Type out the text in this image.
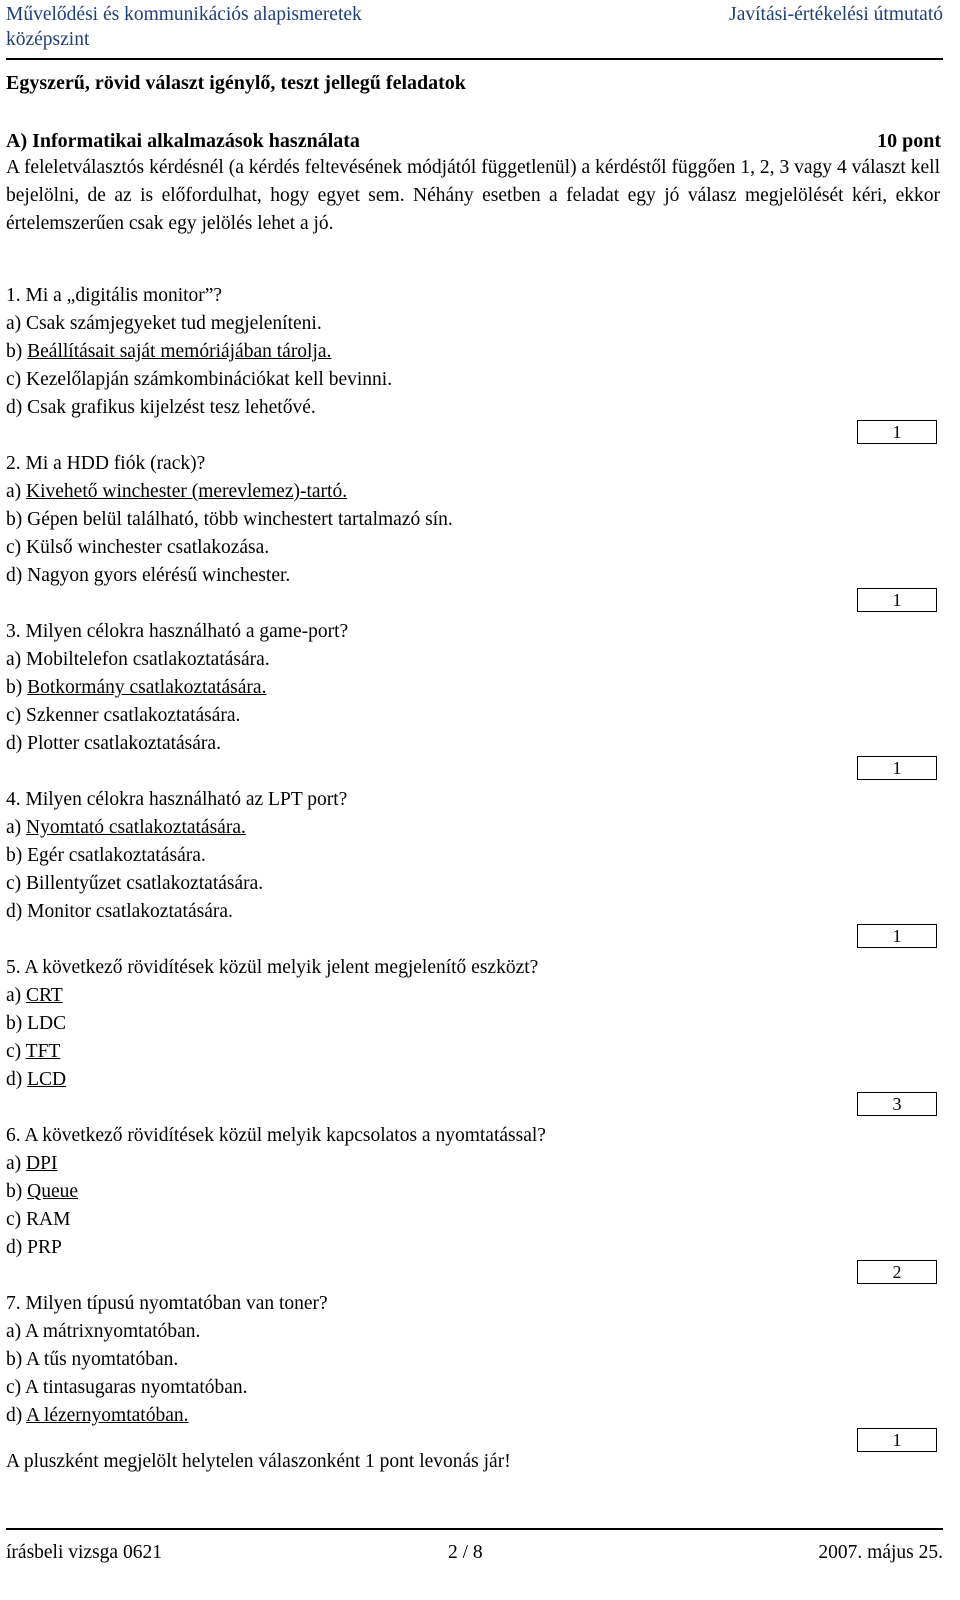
Művelődési és kommunikációs alapismeretek
középszint
Javítási-értékelési útmutató
Egyszerű, rövid választ igénylő, teszt jellegű feladatok
A) Informatikai alkalmazások használata	10 pont
A feleletválasztós kérdésnél (a kérdés feltevésének módjától függetlenül) a kérdéstől függően 1, 2, 3 vagy 4 választ kell bejelölni, de az is előfordulhat, hogy egyet sem. Néhány esetben a feladat egy jó válasz megjelölését kéri, ekkor értelemszerűen csak egy jelölés lehet a jó.
1. Mi a „digitális monitor”?
a) Csak számjegyeket tud megjeleníteni.
b) Beállításait saját memóriájában tárolja.
c) Kezelőlapján számkombinációkat kell bevinni.
d) Csak grafikus kijelzést tesz lehetővé.
1
2. Mi a HDD fiók (rack)?
a) Kivehető winchester (merevlemez)-tartó.
b) Gépen belül található, több winchestert tartalmazó sín.
c) Külső winchester csatlakozása.
d) Nagyon gyors elérésű winchester.
1
3. Milyen célokra használható a game-port?
a) Mobiltelefon csatlakoztatására.
b) Botkormány csatlakoztatására.
c) Szkenner csatlakoztatására.
d) Plotter csatlakoztatására.
1
4. Milyen célokra használható az LPT port?
a) Nyomtató csatlakoztatására.
b) Egér csatlakoztatására.
c) Billentyűzet csatlakoztatására.
d) Monitor csatlakoztatására.
1
5. A következő rövidítések közül melyik jelent megjelenítő eszközt?
a) CRT
b) LDC
c) TFT
d) LCD
3
6. A következő rövidítések közül melyik kapcsolatos a nyomtatással?
a) DPI
b) Queue
c) RAM
d) PRP
2
7. Milyen típusú nyomtatóban van toner?
a) A mátrixnyomtatóban.
b) A tűs nyomtatóban.
c) A tintasugaras nyomtatóban.
d) A lézernyomtatóban.
1
A pluszként megjelölt helytelen válaszonként 1 pont levonás jár!
írásbeli vizsga 0621	2 / 8	2007. május 25.
